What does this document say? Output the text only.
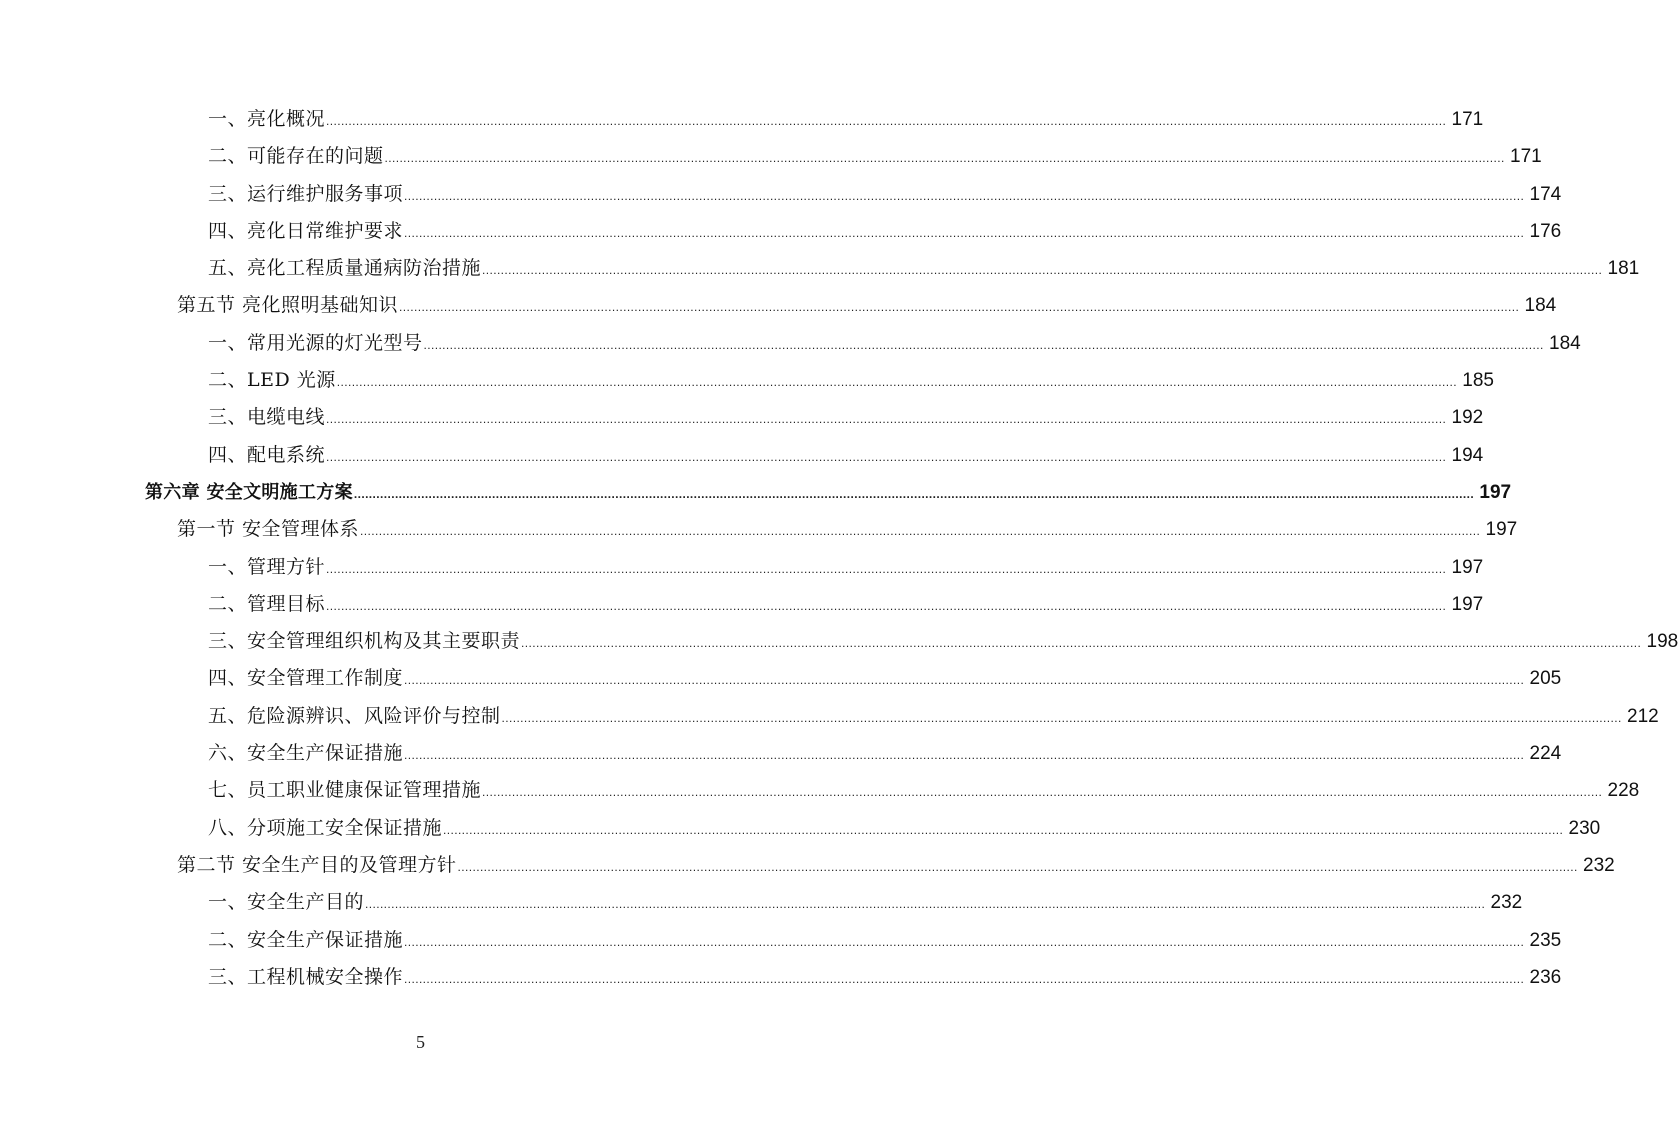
一、亮化概况 ............................................................................................................................................................................................................................................................................................................ 171
二、可能存在的问题 ............................................................................................................................................................................................................................................................................................................ 171
三、运行维护服务事项 ............................................................................................................................................................................................................................................................................................................ 174
四、亮化日常维护要求 ............................................................................................................................................................................................................................................................................................................ 176
五、亮化工程质量通病防治措施 ............................................................................................................................................................................................................................................................................................................ 181
第五节 亮化照明基础知识 ............................................................................................................................................................................................................................................................................................................ 184
一、常用光源的灯光型号 ............................................................................................................................................................................................................................................................................................................ 184
二、LED 光源 ............................................................................................................................................................................................................................................................................................................ 185
三、电缆电线 ............................................................................................................................................................................................................................................................................................................ 192
四、配电系统 ............................................................................................................................................................................................................................................................................................................ 194
第六章 安全文明施工方案 ............................................................................................................................................................................................................................................................................................................ 197
第一节 安全管理体系 ............................................................................................................................................................................................................................................................................................................ 197
一、管理方针 ............................................................................................................................................................................................................................................................................................................ 197
二、管理目标 ............................................................................................................................................................................................................................................................................................................ 197
三、安全管理组织机构及其主要职责 ............................................................................................................................................................................................................................................................................................................ 198
四、安全管理工作制度 ............................................................................................................................................................................................................................................................................................................ 205
五、危险源辨识、风险评价与控制 ............................................................................................................................................................................................................................................................................................................ 212
六、安全生产保证措施 ............................................................................................................................................................................................................................................................................................................ 224
七、员工职业健康保证管理措施 ............................................................................................................................................................................................................................................................................................................ 228
八、分项施工安全保证措施 ............................................................................................................................................................................................................................................................................................................ 230
第二节 安全生产目的及管理方针 ............................................................................................................................................................................................................................................................................................................ 232
一、安全生产目的 ............................................................................................................................................................................................................................................................................................................ 232
二、安全生产保证措施 ............................................................................................................................................................................................................................................................................................................ 235
三、工程机械安全操作 ............................................................................................................................................................................................................................................................................................................ 236
5
